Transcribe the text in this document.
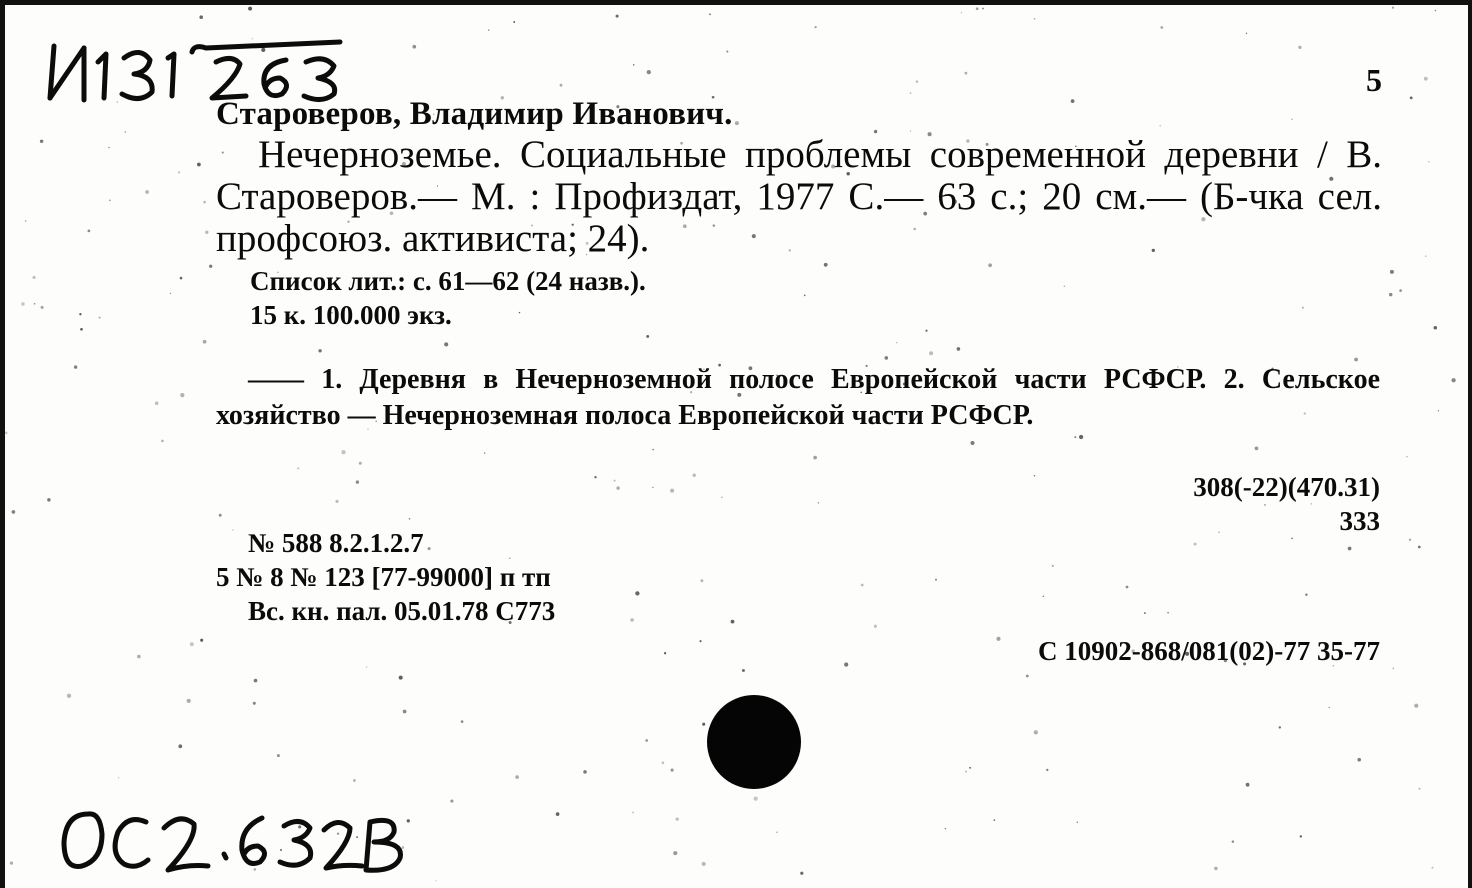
5
Староверов, Владимир Иванович.
Нечерноземье. Социальные проблемы современной деревни / В. Староверов.— М. : Профиздат, 1977 С.— 63 с.; 20 см.— (Б-чка сел. профсоюз. активиста; 24).
Список лит.: с. 61—62 (24 назв.).
15 к. 100.000 экз.
—— 1. Деревня в Нечерноземной полосе Европейской части РСФСР. 2. Сельское хозяйство — Нечерноземная полоса Европейской части РСФСР.
308(-22)(470.31)
333
№ 588 8.2.1.2.7
5 № 8 № 123 [77-99000] п тп
Вс. кн. пал. 05.01.78 С773
С 10902-868/081(02)-77 35-77
